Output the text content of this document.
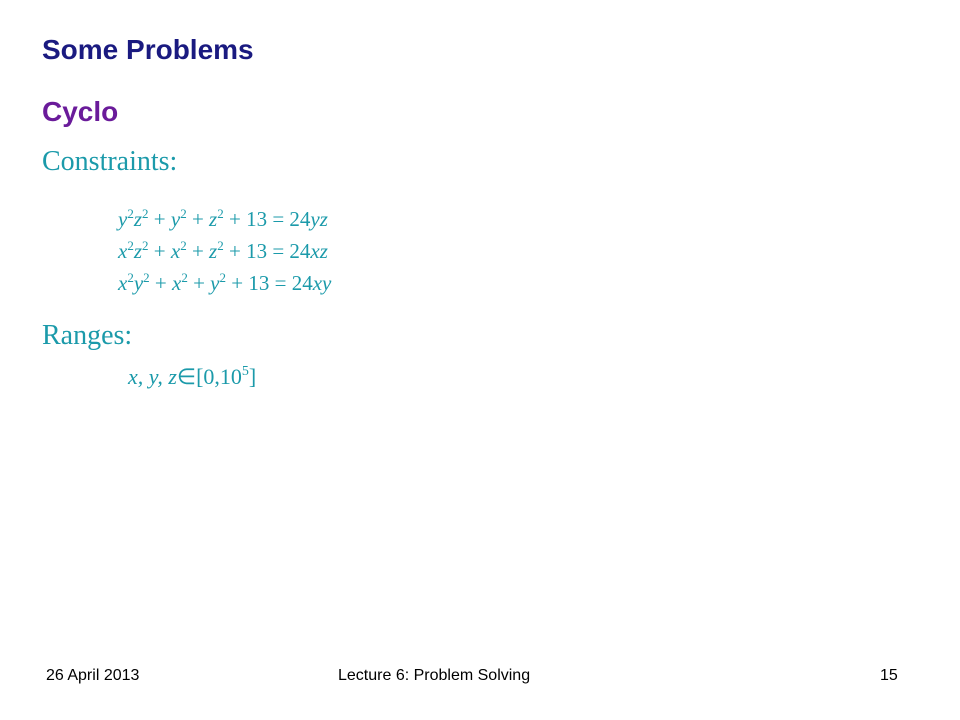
Some Problems
Cyclo
Constraints:
$y^2z^2 + y^2 + z^2 + 13 = 24yz$
$x^2z^2 + x^2 + z^2 + 13 = 24xz$
$x^2y^2 + x^2 + y^2 + 13 = 24xy$
Ranges:
x, y, z∈[0,10$^5$]
26 April 2013	Lecture 6: Problem Solving	15
